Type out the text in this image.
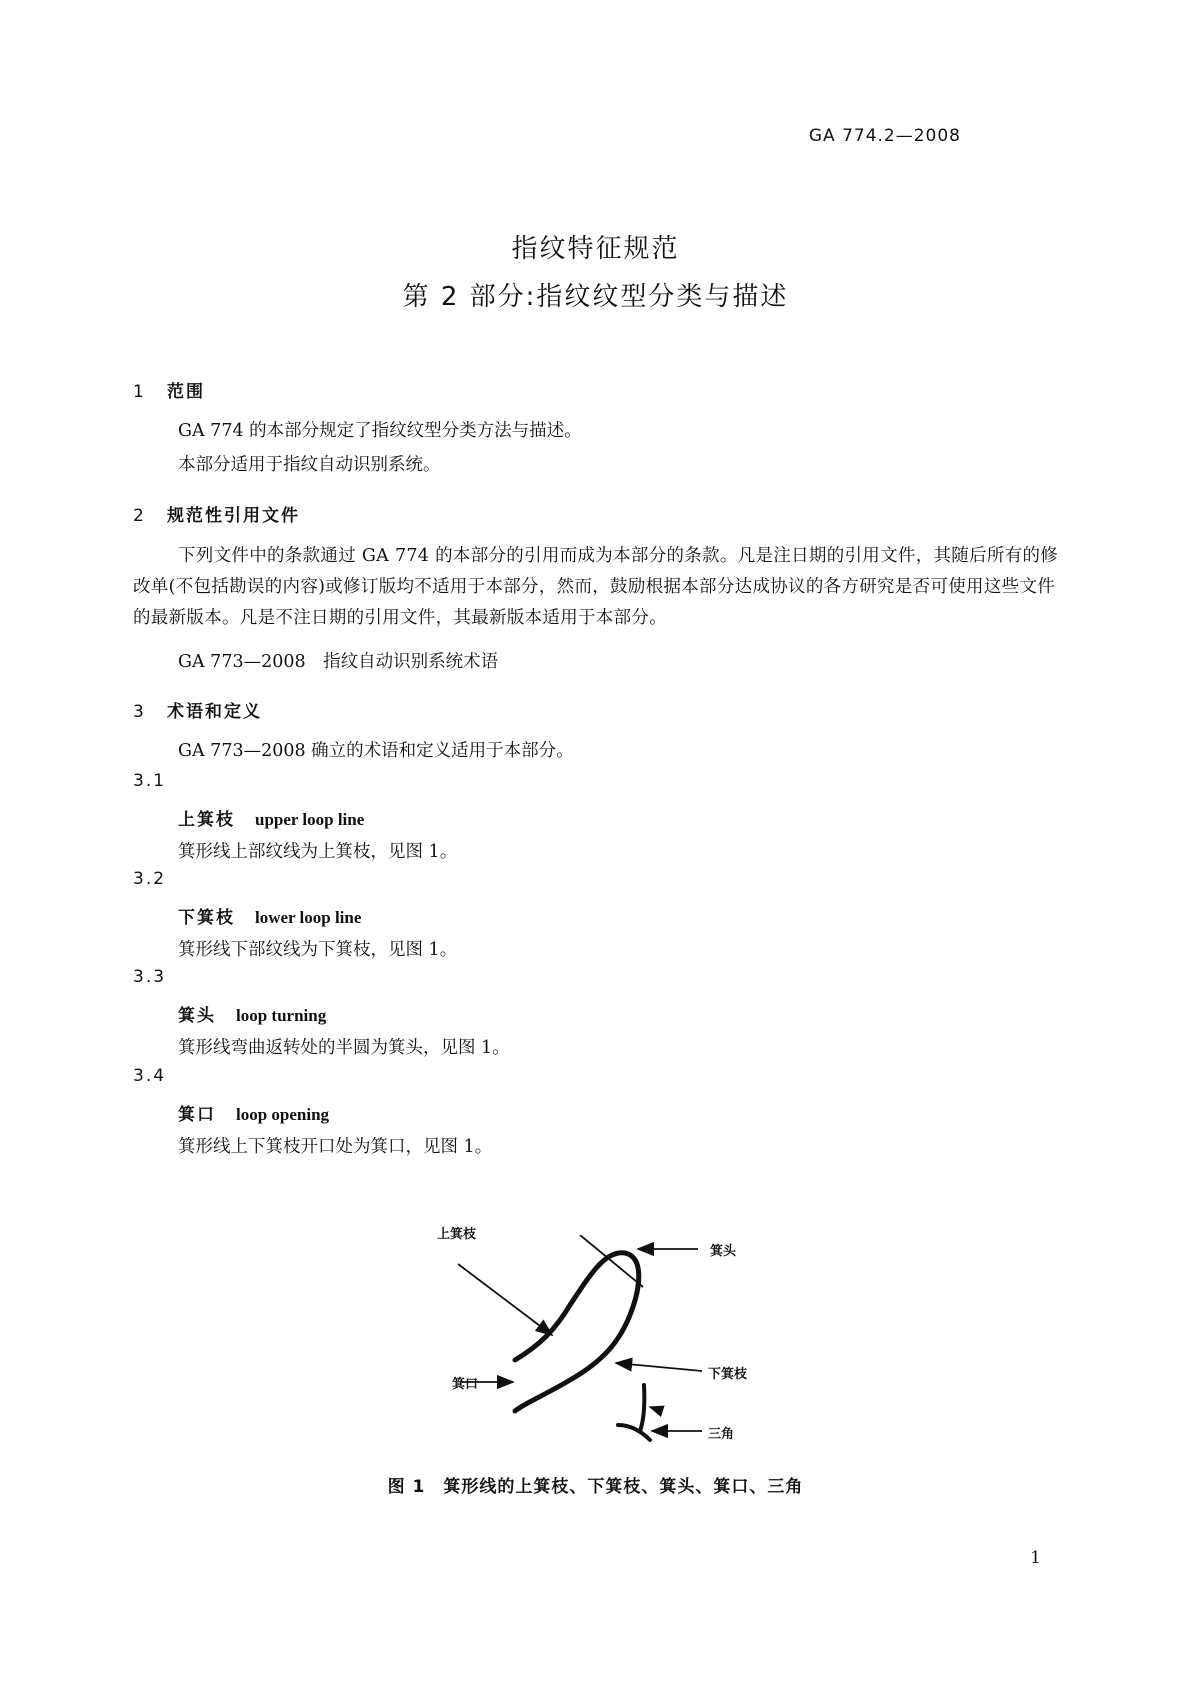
GA 774.2—2008
指纹特征规范
第 2 部分:指纹纹型分类与描述
1 范围
GA 774 的本部分规定了指纹纹型分类方法与描述。
本部分适用于指纹自动识别系统。
2 规范性引用文件
下列文件中的条款通过 GA 774 的本部分的引用而成为本部分的条款。凡是注日期的引用文件，其随后所有的修改单(不包括勘误的内容)或修订版均不适用于本部分，然而，鼓励根据本部分达成协议的各方研究是否可使用这些文件的最新版本。凡是不注日期的引用文件，其最新版本适用于本部分。
GA 773—2008　指纹自动识别系统术语
3 术语和定义
GA 773—2008 确立的术语和定义适用于本部分。
3.1
上箕枝 upper loop line
箕形线上部纹线为上箕枝，见图 1。
3.2
下箕枝 lower loop line
箕形线下部纹线为下箕枝，见图 1。
3.3
箕头 loop turning
箕形线弯曲返转处的半圆为箕头，见图 1。
3.4
箕口 loop opening
箕形线上下箕枝开口处为箕口，见图 1。
上箕枝
箕头
下箕枝
箕口
三角
图 1　箕形线的上箕枝、下箕枝、箕头、箕口、三角
1
